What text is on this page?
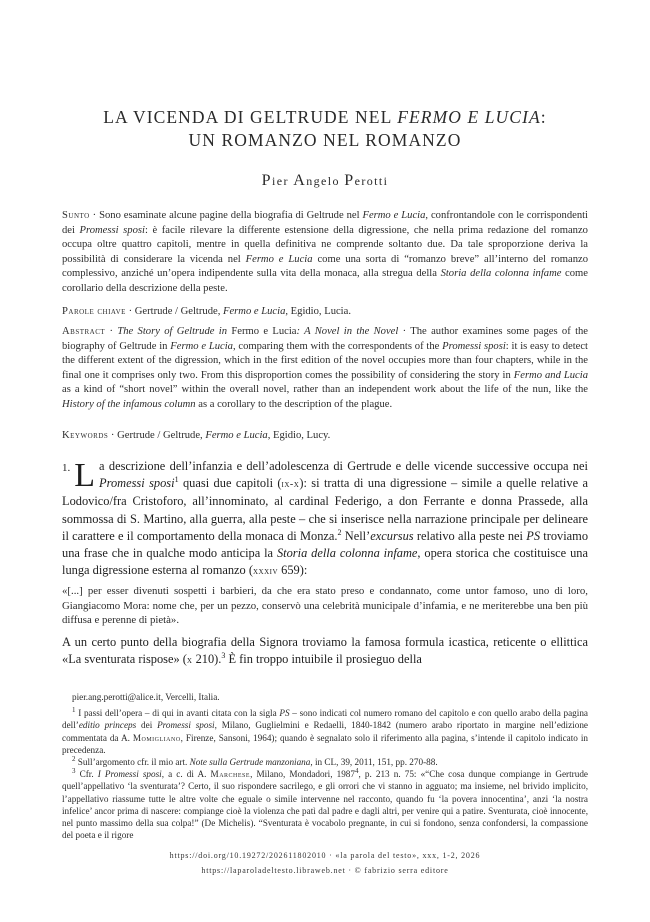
LA VICENDA DI GELTRUDE NEL FERMO E LUCIA:
UN ROMANZO NEL ROMANZO
Pier Angelo Perotti
Sunto · Sono esaminate alcune pagine della biografia di Geltrude nel Fermo e Lucia, confrontandole con le corrispondenti dei Promessi sposi: è facile rilevare la differente estensione della digressione, che nella prima redazione del romanzo occupa oltre quattro capitoli, mentre in quella definitiva ne comprende soltanto due. Da tale sproporzione deriva la possibilità di considerare la vicenda nel Fermo e Lucia come una sorta di “romanzo breve” all’interno del romanzo complessivo, anziché un’opera indipendente sulla vita della monaca, alla stregua della Storia della colonna infame come corollario della descrizione della peste.
Parole chiave · Gertrude / Geltrude, Fermo e Lucia, Egidio, Lucia.
Abstract · The Story of Geltrude in Fermo e Lucia: A Novel in the Novel · The author examines some pages of the biography of Geltrude in Fermo e Lucia, comparing them with the correspondents of the Promessi sposi: it is easy to detect the different extent of the digression, which in the first edition of the novel occupies more than four chapters, while in the final one it comprises only two. From this disproportion comes the possibility of considering the story in Fermo and Lucia as a kind of “short novel” within the overall novel, rather than an independent work about the life of the nun, like the History of the infamous column as a corollary to the description of the plague.
Keywords · Gertrude / Geltrude, Fermo e Lucia, Egidio, Lucy.
1. L a descrizione dell’infanzia e dell’adolescenza di Gertrude e delle vicende successive occupa nei Promessi sposi$^1$ quasi due capitoli (ix-x): si tratta di una digressione – simile a quelle relative a Lodovico/fra Cristoforo, all’innominato, al cardinal Federigo, a don Ferrante e donna Prassede, alla sommossa di S. Martino, alla guerra, alla peste – che si inserisce nella narrazione principale per delineare il carattere e il comportamento della monaca di Monza.$^2$ Nell’excursus relativo alla peste nei PS troviamo una frase che in qualche modo anticipa la Storia della colonna infame, opera storica che costituisce una lunga digressione esterna al romanzo (xxxiv 659):
«[...] per esser divenuti sospetti i barbieri, da che era stato preso e condannato, come untor famoso, uno di loro, Giangiacomo Mora: nome che, per un pezzo, conservò una celebrità municipale d’infamia, e ne meriterebbe una ben più diffusa e perenne di pietà».
A un certo punto della biografia della Signora troviamo la famosa formula icastica, reticente o ellittica «La sventurata rispose» (x 210).$^3$ È fin troppo intuibile il prosieguo della

pier.ang.perotti@alice.it, Vercelli, Italia.

$^1$ I passi dell’opera – di qui in avanti citata con la sigla PS – sono indicati col numero romano del capitolo e con quello arabo della pagina dell’editio princeps dei Promessi sposi, Milano, Guglielmini e Redaelli, 1840-1842 (numero arabo riportato in margine nell’edizione commentata da A. Momigliano, Firenze, Sansoni, 1964); quando è segnalato solo il riferimento alla pagina, s’intende il capitolo indicato in precedenza.

$^2$ Sull’argomento cfr. il mio art. Note sulla Gertrude manzoniana, in CL, 39, 2011, 151, pp. 270-88.

$^3$ Cfr. I Promessi sposi, a c. di A. Marchese, Milano, Mondadori, 1987$^4$, p. 213 n. 75: «“Che cosa dunque compiange in Gertrude quell’appellativo ‘la sventurata’? Certo, il suo rispondere sacrilego, e gli orrori che vi stanno in agguato; ma insieme, nel brivido implicito, l’appellativo riassume tutte le altre volte che eguale o simile intervenne nel racconto, quando fu ‘la povera innocentina’, anzi ‘la nostra infelice’ ancor prima di nascere: compiange cioè la violenza che patì dal padre e dagli altri, per venire qui a patire. Sventurata, cioè innocente, nel punto massimo della sua colpa!” (De Michelis). “Sventurata è vocabolo pregnante, in cui si fondono, senza confondersi, la compassione del poeta e il rigore

https://doi.org/10.19272/202611802010 · «la parola del testo», xxx, 1-2, 2026
https://laparoladeltesto.libraweb.net · © fabrizio serra editore
